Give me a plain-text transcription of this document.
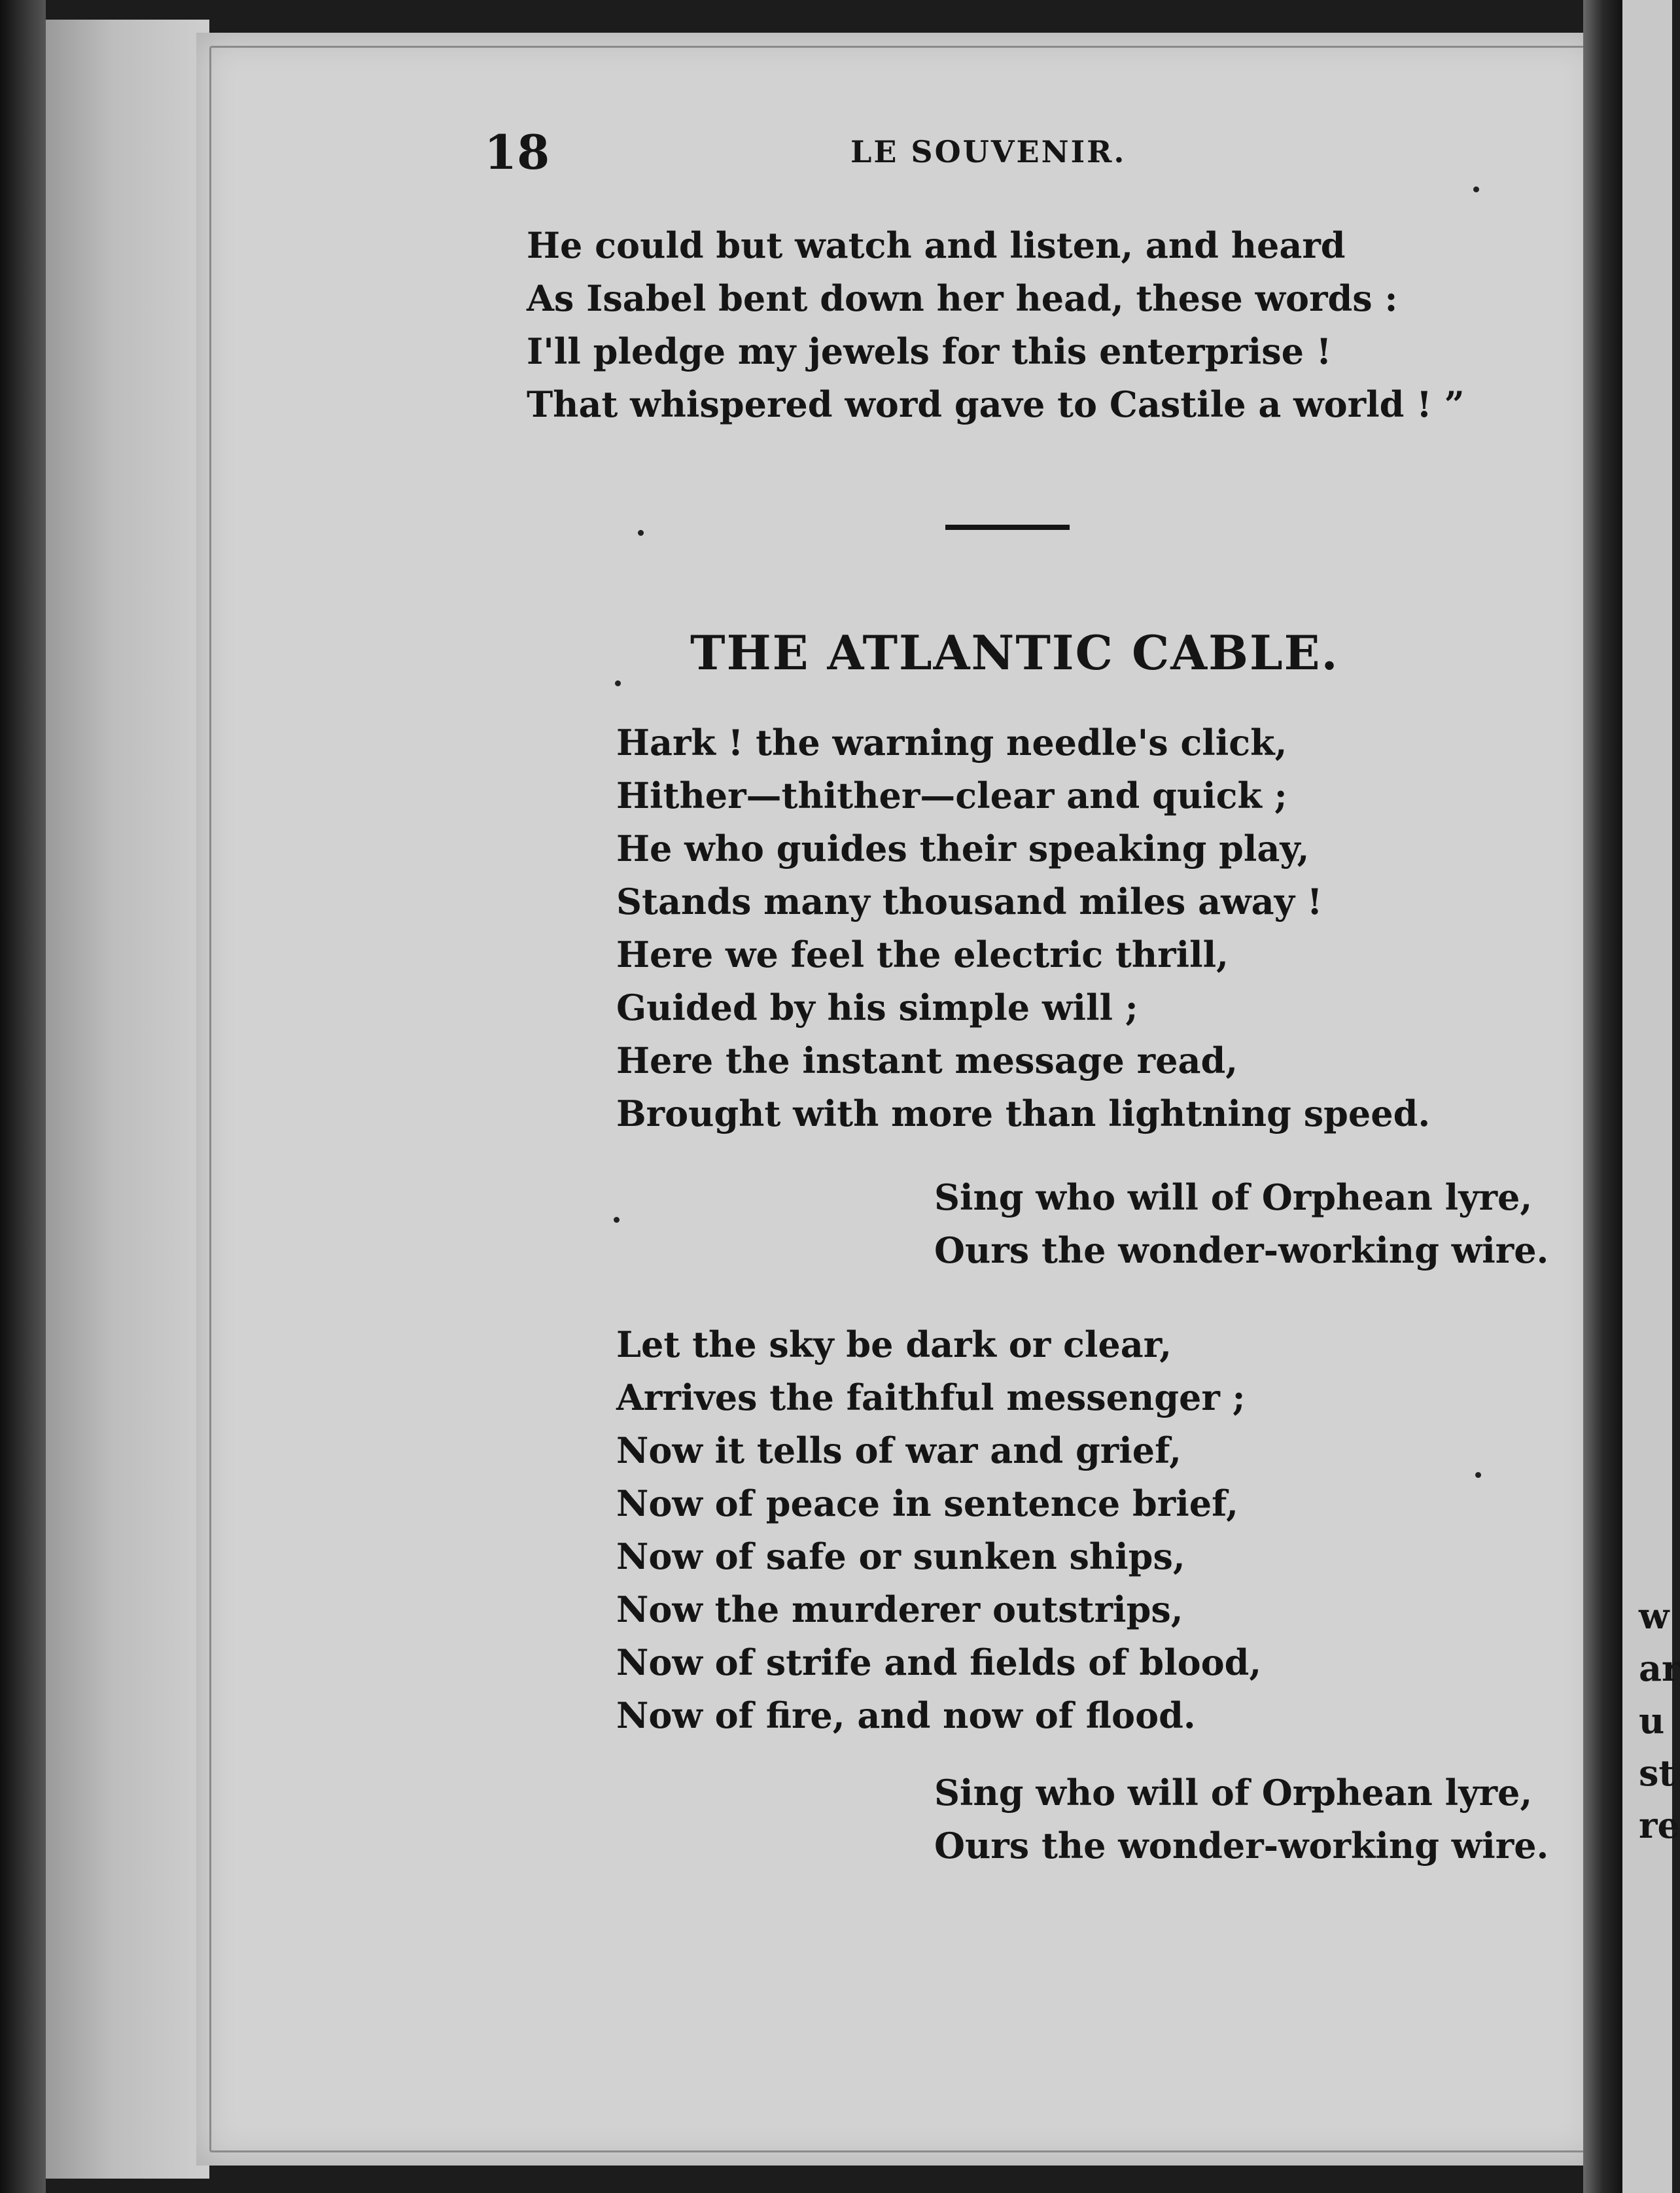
w
ar
u
st
re
18	LE SOUVENIR.
He could but watch and listen, and heard
As Isabel bent down her head, these words :
I'll pledge my jewels for this enterprise !
That whispered word gave to Castile a world ! ”
THE ATLANTIC CABLE.
Hark ! the warning needle's click,
Hither—thither—clear and quick ;
He who guides their speaking play,
Stands many thousand miles away !
Here we feel the electric thrill,
Guided by his simple will ;
Here the instant message read,
Brought with more than lightning speed.
Sing who will of Orphean lyre,
Ours the wonder-working wire.
Let the sky be dark or clear,
Arrives the faithful messenger ;
Now it tells of war and grief,
Now of peace in sentence brief,
Now of safe or sunken ships,
Now the murderer outstrips,
Now of strife and fields of blood,
Now of fire, and now of flood.
Sing who will of Orphean lyre,
Ours the wonder-working wire.
